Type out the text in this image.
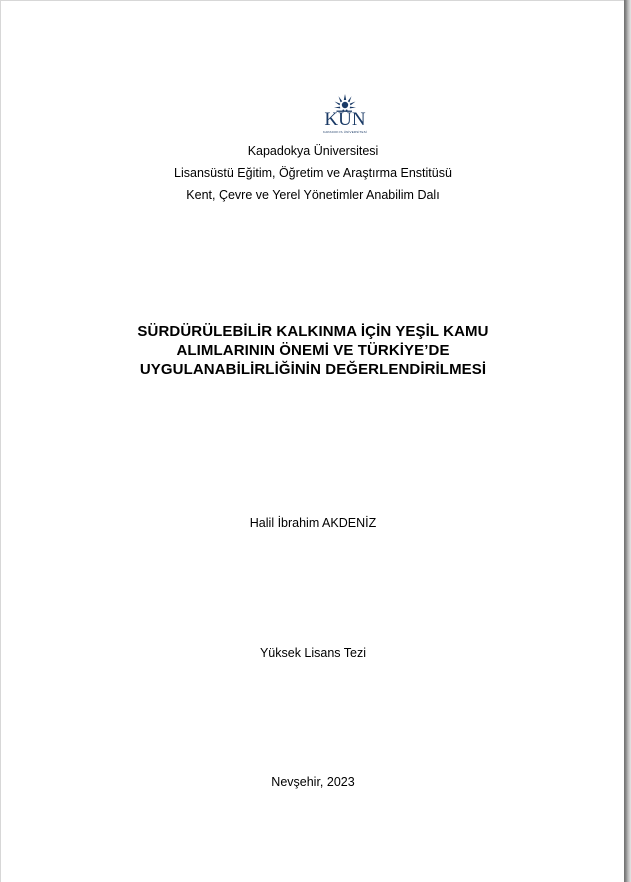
KÜN
KAPADOKYA ÜNİVERSİTESİ
Kapadokya Üniversitesi
Lisansüstü Eğitim, Öğretim ve Araştırma Enstitüsü
Kent, Çevre ve Yerel Yönetimler Anabilim Dalı
SÜRDÜRÜLEBİLİR KALKINMA İÇİN YEŞİL KAMU
ALIMLARININ ÖNEMİ VE TÜRKİYE’DE
UYGULANABİLİRLİĞİNİN DEĞERLENDİRİLMESİ
Halil İbrahim AKDENİZ
Yüksek Lisans Tezi
Nevşehir, 2023
